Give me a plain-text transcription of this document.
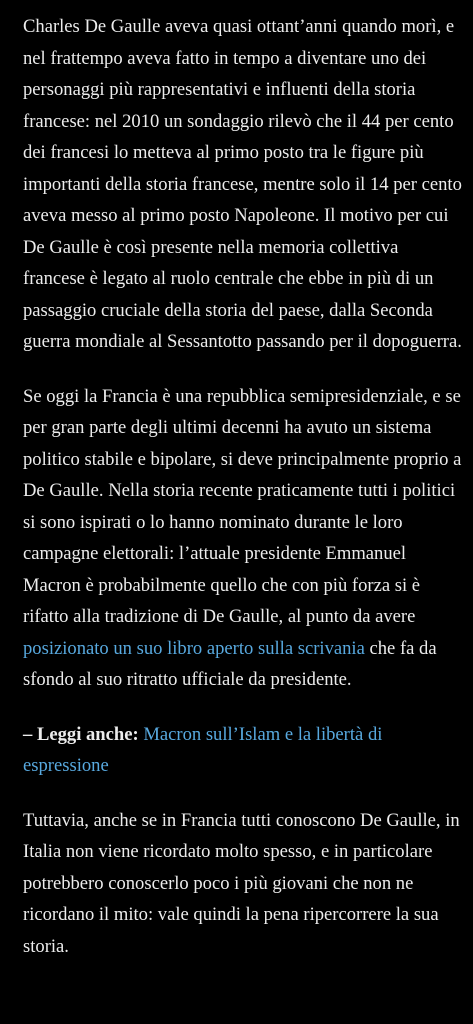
Charles De Gaulle aveva quasi ottant’anni quando morì, e nel frattempo aveva fatto in tempo a diventare uno dei personaggi più rappresentativi e influenti della storia francese: nel 2010 un sondaggio rilevò che il 44 per cento dei francesi lo metteva al primo posto tra le figure più importanti della storia francese, mentre solo il 14 per cento aveva messo al primo posto Napoleone. Il motivo per cui De Gaulle è così presente nella memoria collettiva francese è legato al ruolo centrale che ebbe in più di un passaggio cruciale della storia del paese, dalla Seconda guerra mondiale al Sessantotto passando per il dopoguerra.

Se oggi la Francia è una repubblica semipresidenziale, e se per gran parte degli ultimi decenni ha avuto un sistema politico stabile e bipolare, si deve principalmente proprio a De Gaulle. Nella storia recente praticamente tutti i politici si sono ispirati o lo hanno nominato durante le loro campagne elettorali: l’attuale presidente Emmanuel Macron è probabilmente quello che con più forza si è rifatto alla tradizione di De Gaulle, al punto da avere posizionato un suo libro aperto sulla scrivania che fa da sfondo al suo ritratto ufficiale da presidente.

– Leggi anche: Macron sull’Islam e la libertà di espressione

Tuttavia, anche se in Francia tutti conoscono De Gaulle, in Italia non viene ricordato molto spesso, e in particolare potrebbero conoscerlo poco i più giovani che non ne ricordano il mito: vale quindi la pena ripercorrere la sua storia.
